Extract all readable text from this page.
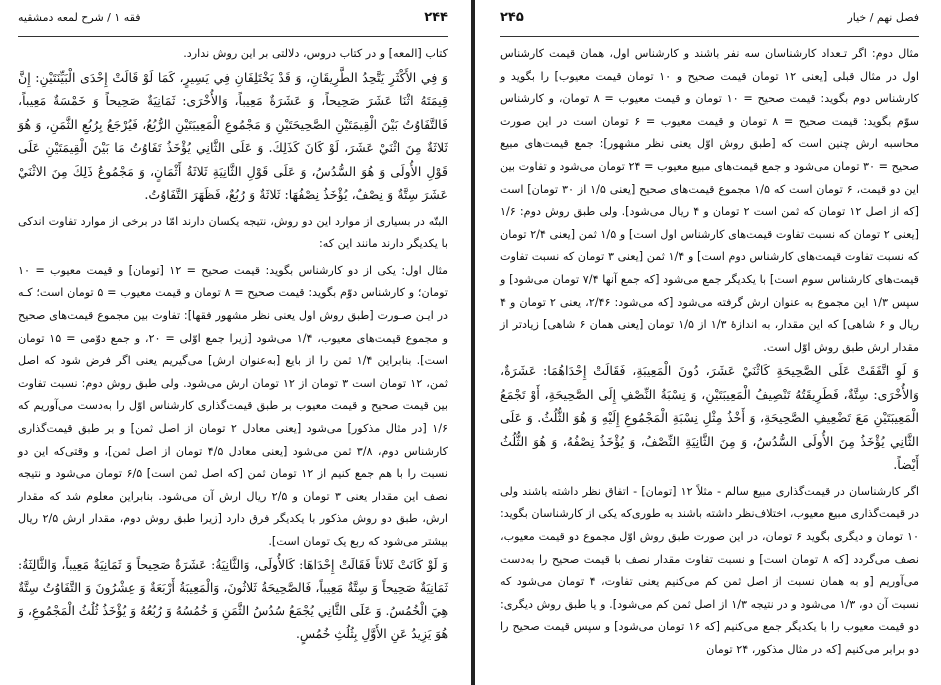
۲۴۴
فقه ۱ / شرح لمعه دمشقیه

کتاب [المعه] و در کتاب دروس، دلالتی بر این روش ندارد.

وَ فِي الأَكْثَرِ يَتَّحِدُ الطَّرِيقَانِ، وَ قَدْ يَخْتَلِفَانِ فِي يَسِيرٍ، كَمَا لَوْ قَالَتْ إِحْدَى الْبَيِّنَتَيْنِ: إِنَّ قِيمَتَهُ اثْنَا عَشَرَ صَحِيحاً، وَ عَشَرَةٌ مَعِيباً، وَالأُخْرَى: ثَمَانِيَةٌ صَحِيحاً وَ خَمْسَةٌ مَعِيباً، فَالتَّفَاوُتُ بَيْنَ الْقِيمَتَيْنِ الصَّحِيحَتَيْنِ وَ مَجْمُوعِ الْمَعِيبَتَيْنِ الرُّبُعُ، فَيُرْجَعُ بِرُبُعِ الثَّمَنِ، وَ هُوَ ثَلاثَةٌ مِنَ اثْنَيْ عَشَرَ، لَوْ كَانَ كَذَلِكَ. وَ عَلَى الثَّانِي يُؤْخَذُ تَفَاوُتُ مَا بَيْنَ الْقِيمَتَيْنِ عَلَى قَوْلِ الأُولَى وَ هُوَ السُّدُسُ، وَ عَلَى قَوْلِ الثَّانِيَةِ ثَلاثَةُ أَثْمَانٍ، وَ مَجْمُوعُ ذَلِكَ مِنَ الاثْنَيْ عَشَرَ سِتَّةٌ وَ نِصْفٌ، يُؤْخَذُ نِصْفُهَا: ثَلاثَةٌ وَ رُبُعٌ، فَظَهَرَ التَّفَاوُتُ.

البتّه در بسیاری از موارد این دو روش، نتیجه یکسان دارند امّا در برخی از موارد تفاوت اندکی با یکدیگر دارند مانند این که:

مثال اول: یکی از دو کارشناس بگوید: قیمت صحیح = ۱۲ [تومان] و قیمت معیوب = ۱۰ تومان؛ و کارشناس دوّم بگوید: قیمت صحیح = ۸ تومان و قیمت معیوب = ۵ تومان است؛ کـه در ایـن صـورت [طبق روش اول یعنی نظر مشهور فقها]: تفاوت بین مجموع قیمت‌های صحیح و مجموع قیمت‌های معیوب، ۱/۴ می‌شود [زیرا جمع اوّلی = ۲۰، و جمع دوّمی = ۱۵ تومان است]. بنابراین ۱/۴ ثمن را از بایع [به‌عنوان ارش] می‌گیریم یعنی اگر فرض شود که اصل ثمن، ۱۲ تومان است ۳ تومان از ۱۲ تومان ارش می‌شود. ولی طبق روش دوم: نسبت تفاوت بین قیمت صحیح و قیمت معیوب بر طبق قیمت‌گذاری کارشناس اوّل را به‌دست می‌آوریم که ۱/۶ [در مثال مذکور] می‌شود [یعنی معادل ۲ تومان از اصل ثمن] و بر طبق قیمت‌گذاری کارشناس دوم، ۳/۸ ثمن می‌شود [یعنی معادل ۴/۵ تومان از اصل ثمن]، و وقتی‌که این دو نسبت را با هم جمع کنیم از ۱۲ تومان ثمن [که اصل ثمن است] ۶/۵ تومان می‌شود و نتیجه نصف این مقدار یعنی ۳ تومان و ۲/۵ ریال ارش آن می‌شود. بنابراین معلوم شد که مقدار ارش، طبق دو روش مذکور با یکدیگر فرق دارد [زیرا طبق روش دوم، مقدار ارش ۲/۵ ریال بیشتر می‌شود که ربع یک تومان است].

وَ لَوْ كَانَتْ ثَلاثاً فَقَالَتْ إِحْدَاهَا: كَالأُولَى، وَالثَّانِيَةُ: عَشَرَةٌ صَحِيحاً وَ ثَمَانِيَةٌ مَعِيباً، وَالثَّالِثَةُ: ثَمَانِيَةٌ صَحِيحاً وَ سِتَّةٌ مَعِيباً، فَالصَّحِيحَةُ ثَلاثُونَ، وَالْمَعِيبَةُ أَرْبَعَةٌ وَ عِشْرُونَ وَ التَّفَاوُتُ سِتَّةٌ هِيَ الْخُمُسُ. وَ عَلَى الثَّانِي يُجْمَعُ سُدُسُ الثَّمَنِ وَ خُمُسُهُ وَ رُبُعُهُ وَ يُؤْخَذُ ثُلُثُ الْمَجْمُوعِ، وَ هُوَ يَزِيدُ عَنِ الأَوَّلِ بِثُلُثِ خُمُسٍ.

فصل نهم / خیار
۲۴۵

مثال دوم: اگر تـعداد کارشناسان سه نفر باشند و کارشناس اول، همان قیمت کارشناس اول در مثال قبلی [یعنی ۱۲ تومان قیمت صحیح و ۱۰ تومان قیمت معیوب] را بگوید و کارشناس دوم بگوید: قیمت صحیح = ۱۰ تومان و قیمت معیوب = ۸ تومان، و کارشناس سوّم بگوید: قیمت صحیح = ۸ تومان و قیمت معیوب = ۶ تومان است در این صورت محاسبه ارش چنین است که [طبق روش اوّل یعنی نظر مشهور]: جمع قیمت‌های مبیع صحیح = ۳۰ تومان می‌شود و جمع قیمت‌های مبیع معیوب = ۲۴ تومان می‌شود و تفاوت بین این دو قیمت، ۶ تومان است که ۱/۵ مجموع قیمت‌های صحیح [یعنی ۱/۵ از ۳۰ تومان] است [که از اصل ۱۲ تومان که ثمن است ۲ تومان و ۴ ریال می‌شود]. ولی طبق روش دوم: ۱/۶ [یعنی ۲ تومان که نسبت تفاوت قیمت‌های کارشناس اول است] و ۱/۵ ثمن [یعنی ۲/۴ تومان که نسبت تفاوت قیمت‌های کارشناس دوم است] و ۱/۴ ثمن [یعنی ۳ تومان که نسبت تفاوت قیمت‌های کارشناس سوم است] با یکدیگر جمع می‌شود [که جمع آنها ۷/۴ تومان می‌شود] و سپس ۱/۳ این مجموع به عنوان ارش گرفته می‌شود [که می‌شود: ۲/۴۶، یعنی ۲ تومان و ۴ ریال و ۶ شاهی] که این مقدار، به اندازهٔ ۱/۳ از ۱/۵ تومان [یعنی همان ۶ شاهی] زیادتر از مقدار ارش طبق روش اوّل است.

وَ لَوِ اتَّفَقَتْ عَلَى الصَّحِيحَةِ كَاثْنَيْ عَشَرَ، دُونَ الْمَعِيبَةِ، فَقَالَتْ إِحْدَاهُمَا: عَشَرَةٌ، وَالأُخْرَى: سِتَّةٌ، فَطَرِيقَتُهُ تَنْصِيفُ الْمَعِيبَتَيْنِ، وَ نِسْبَةُ النِّصْفِ إِلَى الصَّحِيحَةِ، أَوْ تَجْمَعُ الْمَعِيبَتَيْنِ مَعَ تَضْعِيفِ الصَّحِيحَةِ، وَ أَخْذُ مِثْلِ نِسْبَةِ الْمَجْمُوعِ إِلَيْهِ وَ هُوَ الثُّلُثُ. وَ عَلَى الثَّانِي يُؤْخَذُ مِنَ الأُولَى السُّدُسُ، وَ مِنَ الثَّانِيَةِ النِّصْفُ، وَ يُؤْخَذُ نِصْفُهُ، وَ هُوَ الثُّلُثُ أَيْضاً.

اگر کارشناسان در قیمت‌گذاری مبیع سالم - مثلاً ۱۲ [تومان] - اتفاق نظر داشته باشند ولی در قیمت‌گذاری مبیع معیوب، اختلاف‌نظر داشته باشند به طوری‌که یکی از کارشناسان بگوید: ۱۰ تومان و دیگری بگوید ۶ تومان، در این صورت طبق روش اوّل مجموع دو قیمت معیوب، نصف می‌گردد [که ۸ تومان است] و نسبت تفاوت مقدار نصف با قیمت صحیح را به‌دست می‌آوریم [و به همان نسبت از اصل ثمن کم می‌کنیم یعنی تفاوت، ۴ تومان می‌شود که نسبت آن دو، ۱/۳ می‌شود و در نتیجه ۱/۳ از اصل ثمن کم می‌شود]. و یا طبق روش دیگری: دو قیمت معیوب را با یکدیگر جمع می‌کنیم [که ۱۶ تومان می‌شود] و سپس قیمت صحیح را دو برابر می‌کنیم [که در مثال مذکور، ۲۴ تومان
